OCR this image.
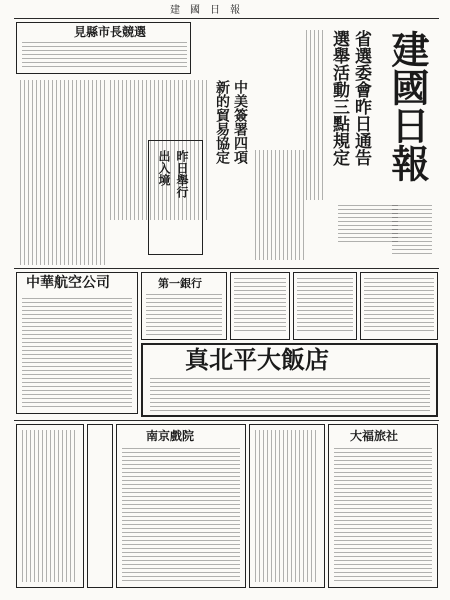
建國日報
建國日報
省選委會昨日通告
選舉活動三點規定
見縣市長競選
中美簽署四項
新的貿易協定
昨日舉行
出入境
中華航空公司	第一銀行
真北平大飯店
南京戲院	大福旅社
